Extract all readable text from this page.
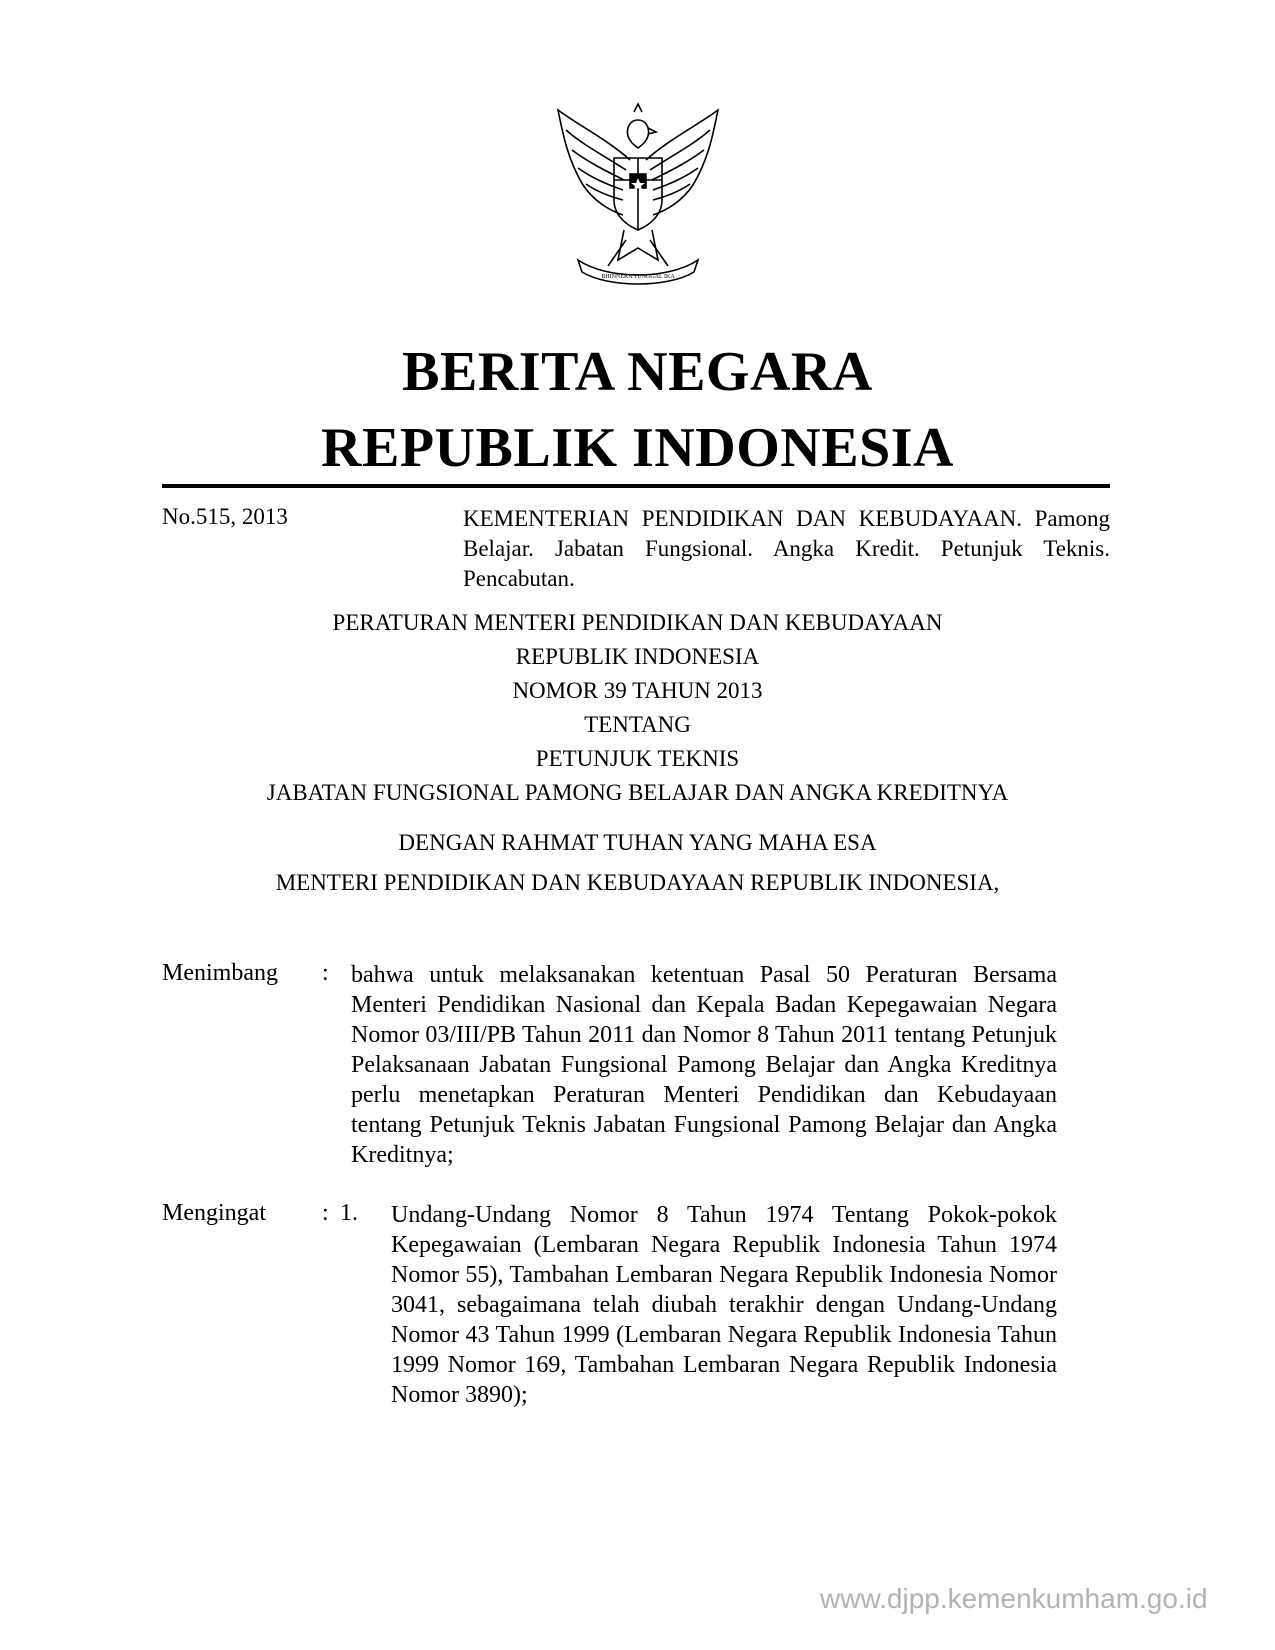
BHINNEKA TUNGGAL IKA
BERITA NEGARA
REPUBLIK INDONESIA
No.515, 2013	KEMENTERIAN PENDIDIKAN DAN KEBUDAYAAN. Pamong Belajar. Jabatan Fungsional. Angka Kredit. Petunjuk Teknis. Pencabutan.
PERATURAN MENTERI PENDIDIKAN DAN KEBUDAYAAN
REPUBLIK INDONESIA
NOMOR 39 TAHUN 2013
TENTANG
PETUNJUK TEKNIS
JABATAN FUNGSIONAL PAMONG BELAJAR DAN ANGKA KREDITNYA
DENGAN RAHMAT TUHAN YANG MAHA ESA
MENTERI PENDIDIKAN DAN KEBUDAYAAN REPUBLIK INDONESIA,
Menimbang : bahwa untuk melaksanakan ketentuan Pasal 50 Peraturan Bersama Menteri Pendidikan Nasional dan Kepala Badan Kepegawaian Negara Nomor 03/III/PB Tahun 2011 dan Nomor 8 Tahun 2011 tentang Petunjuk Pelaksanaan Jabatan Fungsional Pamong Belajar dan Angka Kreditnya perlu menetapkan Peraturan Menteri Pendidikan dan Kebudayaan tentang Petunjuk Teknis Jabatan Fungsional Pamong Belajar dan Angka Kreditnya;
Mengingat : 1. Undang-Undang Nomor 8 Tahun 1974 Tentang Pokok-pokok Kepegawaian (Lembaran Negara Republik Indonesia Tahun 1974 Nomor 55), Tambahan Lembaran Negara Republik Indonesia Nomor 3041, sebagaimana telah diubah terakhir dengan Undang-Undang Nomor 43 Tahun 1999 (Lembaran Negara Republik Indonesia Tahun 1999 Nomor 169, Tambahan Lembaran Negara Republik Indonesia Nomor 3890);
www.djpp.kemenkumham.go.id
